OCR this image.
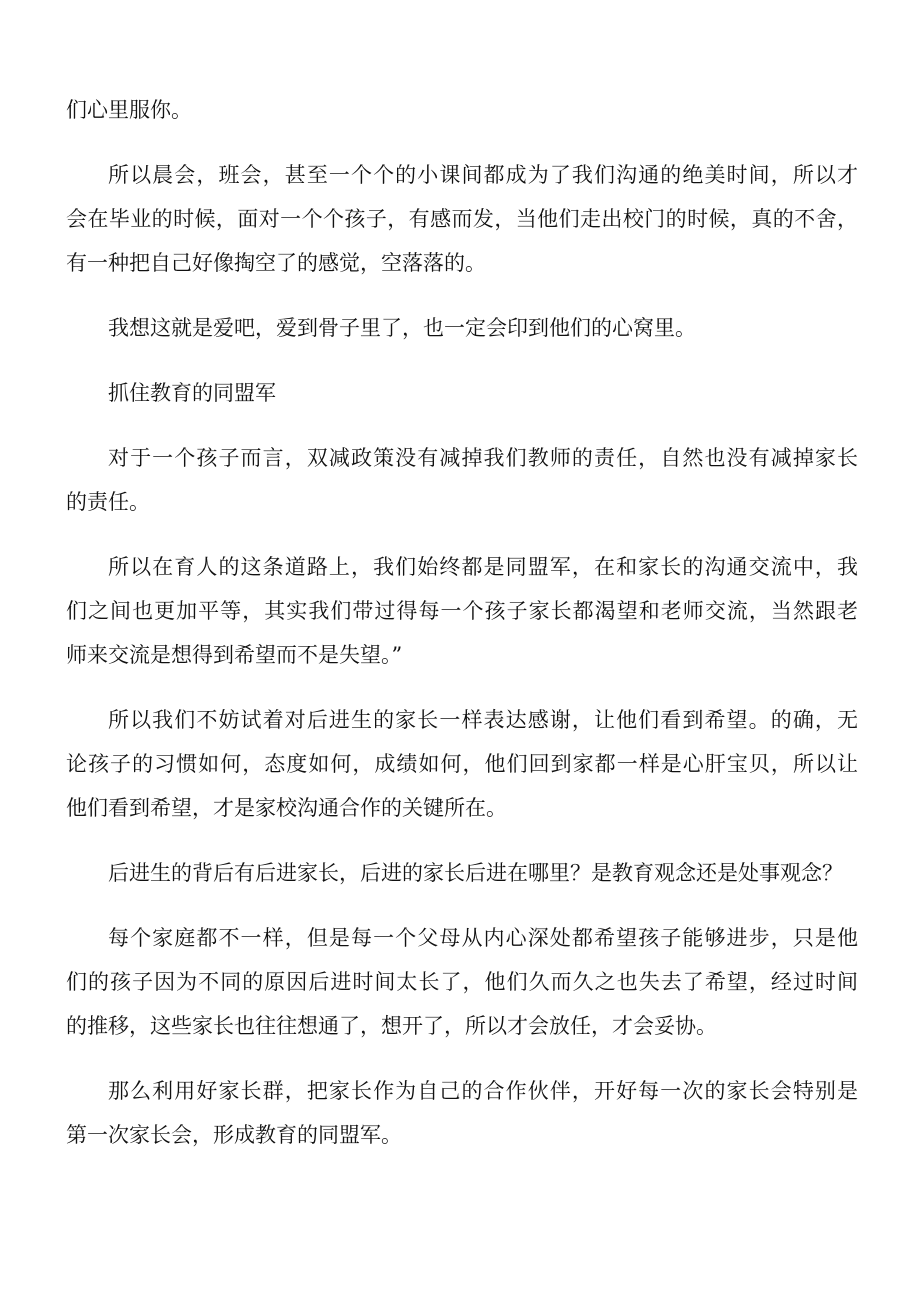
们心里服你。
所以晨会，班会，甚至一个个的小课间都成为了我们沟通的绝美时间，所以才
会在毕业的时候，面对一个个孩子，有感而发，当他们走出校门的时候，真的不舍，
有一种把自己好像掏空了的感觉，空落落的。
我想这就是爱吧，爱到骨子里了，也一定会印到他们的心窝里。
抓住教育的同盟军
对于一个孩子而言，双减政策没有减掉我们教师的责任，自然也没有减掉家长
的责任。
所以在育人的这条道路上，我们始终都是同盟军，在和家长的沟通交流中，我
们之间也更加平等，其实我们带过得每一个孩子家长都渴望和老师交流，当然跟老
师来交流是想得到希望而不是失望。”
所以我们不妨试着对后进生的家长一样表达感谢，让他们看到希望。的确，无
论孩子的习惯如何，态度如何，成绩如何，他们回到家都一样是心肝宝贝，所以让
他们看到希望，才是家校沟通合作的关键所在。
后进生的背后有后进家长，后进的家长后进在哪里？是教育观念还是处事观念？
每个家庭都不一样，但是每一个父母从内心深处都希望孩子能够进步，只是他
们的孩子因为不同的原因后进时间太长了，他们久而久之也失去了希望，经过时间
的推移，这些家长也往往想通了，想开了，所以才会放任，才会妥协。
那么利用好家长群，把家长作为自己的合作伙伴，开好每一次的家长会特别是
第一次家长会，形成教育的同盟军。
